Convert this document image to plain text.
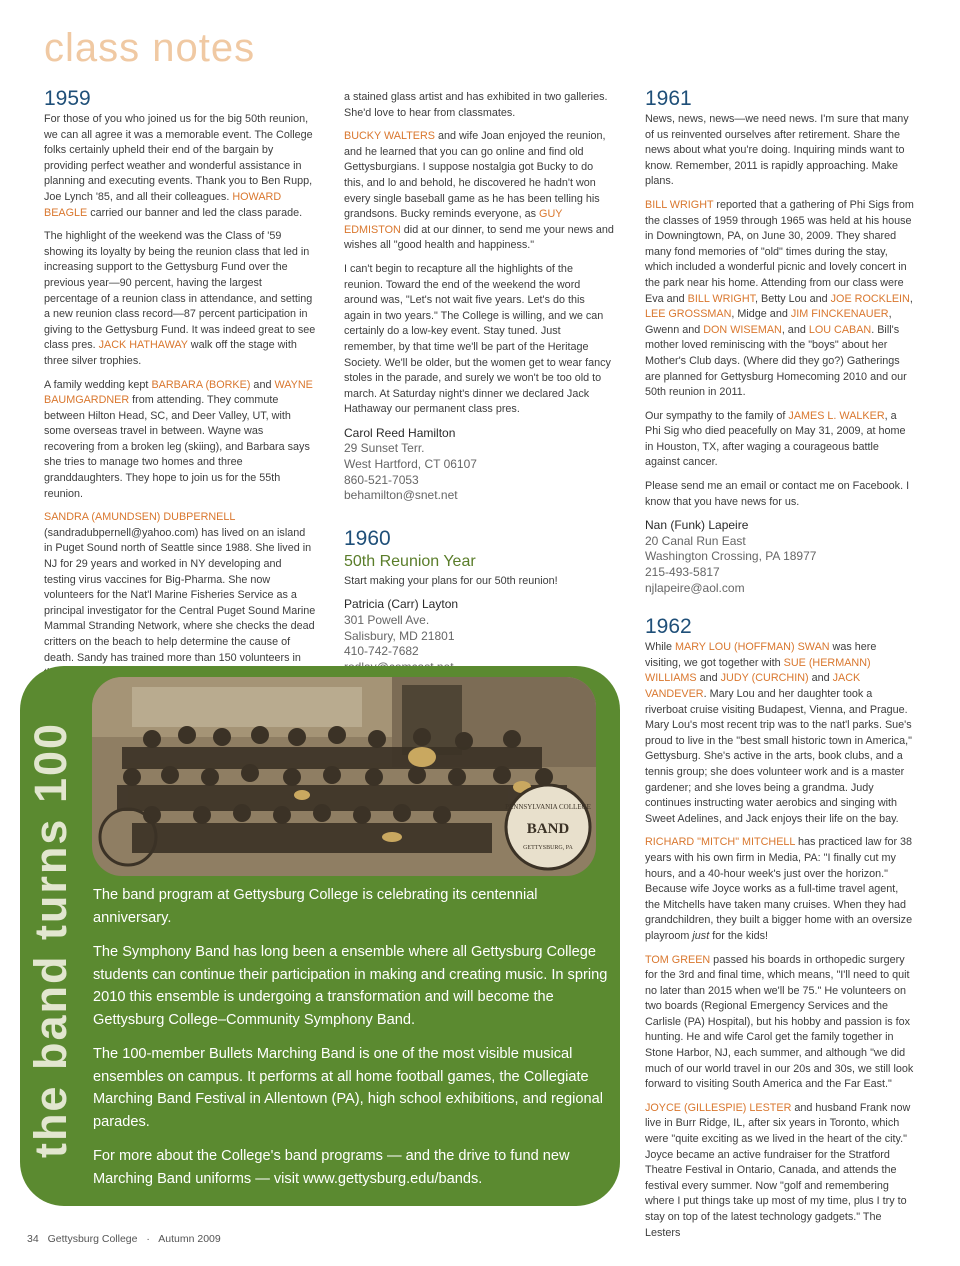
class notes
1959

For those of you who joined us for the big 50th reunion, we can all agree it was a memorable event. The College folks certainly upheld their end of the bargain by providing perfect weather and wonderful assistance in planning and executing events. Thank you to Ben Rupp, Joe Lynch '85, and all their colleagues. HOWARD BEAGLE carried our banner and led the class parade.

The highlight of the weekend was the Class of '59 showing its loyalty by being the reunion class that led in increasing support to the Gettysburg Fund over the previous year—90 percent, having the largest percentage of a reunion class in attendance, and setting a new reunion class record—87 percent participation in giving to the Gettysburg Fund. It was indeed great to see class pres. JACK HATHAWAY walk off the stage with three silver trophies.

A family wedding kept BARBARA (BORKE) and WAYNE BAUMGARDNER from attending. They commute between Hilton Head, SC, and Deer Valley, UT, with some overseas travel in between. Wayne was recovering from a broken leg (skiing), and Barbara says she tries to manage two homes and three granddaughters. They hope to join us for the 55th reunion.

SANDRA (AMUNDSEN) DUBPERNELL (sandradubpernell@yahoo.com) has lived on an island in Puget Sound north of Seattle since 1988. She lived in NJ for 29 years and worked in NY developing and testing virus vaccines for Big-Pharma. She now volunteers for the Nat'l Marine Fisheries Service as a principal investigator for the Central Puget Sound Marine Mammal Stranding Network, where she checks the dead critters on the beach to help determine the cause of death. Sandy has trained more than 150 volunteers in

a stained glass artist and has exhibited in two galleries. She'd love to hear from classmates.

BUCKY WALTERS and wife Joan enjoyed the reunion, and he learned that you can go online and find old Gettysburgians. I suppose nostalgia got Bucky to do this, and lo and behold, he discovered he hadn't won every single baseball game as he has been telling his grandsons. Bucky reminds everyone, as GUY EDMISTON did at our dinner, to send me your news and wishes all "good health and happiness."

I can't begin to recapture all the highlights of the reunion. Toward the end of the weekend the word around was, "Let's not wait five years. Let's do this again in two years." The College is willing, and we can certainly do a low-key event. Stay tuned. Just remember, by that time we'll be part of the Heritage Society. We'll be older, but the women get to wear fancy stoles in the parade, and surely we won't be too old to march. At Saturday night's dinner we declared Jack Hathaway our permanent class pres.

Carol Reed Hamilton
29 Sunset Terr.
West Hartford, CT 06107
860-521-7053
behamilton@snet.net
1960
50th Reunion Year

Start making your plans for our 50th reunion!

Patricia (Carr) Layton
301 Powell Ave.
Salisbury, MD 21801
410-742-7682
1961

News, news, news—we need news. I'm sure that many of us reinvented ourselves after retirement. Share the news about what you're doing. Inquiring minds want to know. Remember, 2011 is rapidly approaching. Make plans.

BILL WRIGHT reported that a gathering of Phi Sigs from the classes of 1959 through 1965 was held at his house in Downingtown, PA, on June 30, 2009. They shared many fond memories of "old" times during the stay, which included a wonderful picnic and lovely concert in the park near his home. Attending from our class were Eva and BILL WRIGHT, Betty Lou and JOE ROCKLEIN, LEE GROSSMAN, Midge and JIM FINCKENAUER, Gwenn and DON WISEMAN, and LOU CABAN. Bill's mother loved reminiscing with the "boys" about her Mother's Club days. (Where did they go?) Gatherings are planned for Gettysburg Homecoming 2010 and our 50th reunion in 2011.

Our sympathy to the family of JAMES L. WALKER, a Phi Sig who died peacefully on May 31, 2009, at home in Houston, TX, after waging a courageous battle against cancer.

Please send me an email or contact me on Facebook. I know that you have news for us.

Nan (Funk) Lapeire
20 Canal Run East
Washington Crossing, PA 18977
215-493-5817
njlapeire@aol.com
1962

While MARY LOU (HOFFMAN) SWAN was here visiting, we got together with SUE (HERMANN) WILLIAMS and JUDY (CURCHIN) and JACK VANDEVER. Mary Lou and her daughter took a riverboat cruise visiting Budapest, Vienna, and Prague. Mary Lou's most recent trip was to the nat'l parks. Sue's proud to live in the "best small historic town in America," Gettysburg. She's active in the arts, book clubs, and a tennis group; she does volunteer work and is a master gardener; and she loves being a grandma. Judy continues instructing water aerobics and singing with Sweet Adelines, and Jack enjoys their life on the bay.

RICHARD "MITCH" MITCHELL has practiced law for 38 years with his own firm in Media, PA: "I finally cut my hours, and a 40-hour week's just over the horizon." Because wife Joyce works as a full-time travel agent, the Mitchells have taken many cruises. When they had grandchildren, they built a bigger home with an oversize playroom just for the kids!

TOM GREEN passed his boards in orthopedic surgery for the 3rd and final time, which means, "I'll need to quit no later than 2015 when we'll be 75." He volunteers on two boards (Regional Emergency Services and the Carlisle (PA) Hospital), but his hobby and passion is fox hunting. He and wife Carol get the family together in Stone Harbor, NJ, each summer, and although "we did much of our world travel in our 20s and 30s, we still look forward to visiting South America and the Far East."

JOYCE (GILLESPIE) LESTER and husband Frank now live in Burr Ridge, IL, after six years in Toronto, which were "quite exciting as we lived in the heart of the city." Joyce became an active fundraiser for the Stratford Theatre Festival in Ontario, Canada, and attends the festival every summer. Now "golf and remembering where I put things take up most of my time, plus I try to stay on top of the latest technology gadgets." The Lesters

the band turns 100	PENNSYLVANIA COLLEGE
BAND
GETTYSBURG, PA

The band program at Gettysburg College is celebrating its centennial anniversary.

The Symphony Band has long been a ensemble where all Gettysburg College students can continue their participation in making and creating music. In spring 2010 this ensemble is undergoing a transformation and will become the Gettysburg College–Community Symphony Band.

The 100-member Bullets Marching Band is one of the most visible musical ensembles on campus. It performs at all home football games, the Collegiate Marching Band Festival in Allentown (PA), high school exhibitions, and regional parades.

For more about the College's band programs — and the drive to fund new Marching Band uniforms — visit www.gettysburg.edu/bands.

34 Gettysburg College · Autumn 2009
